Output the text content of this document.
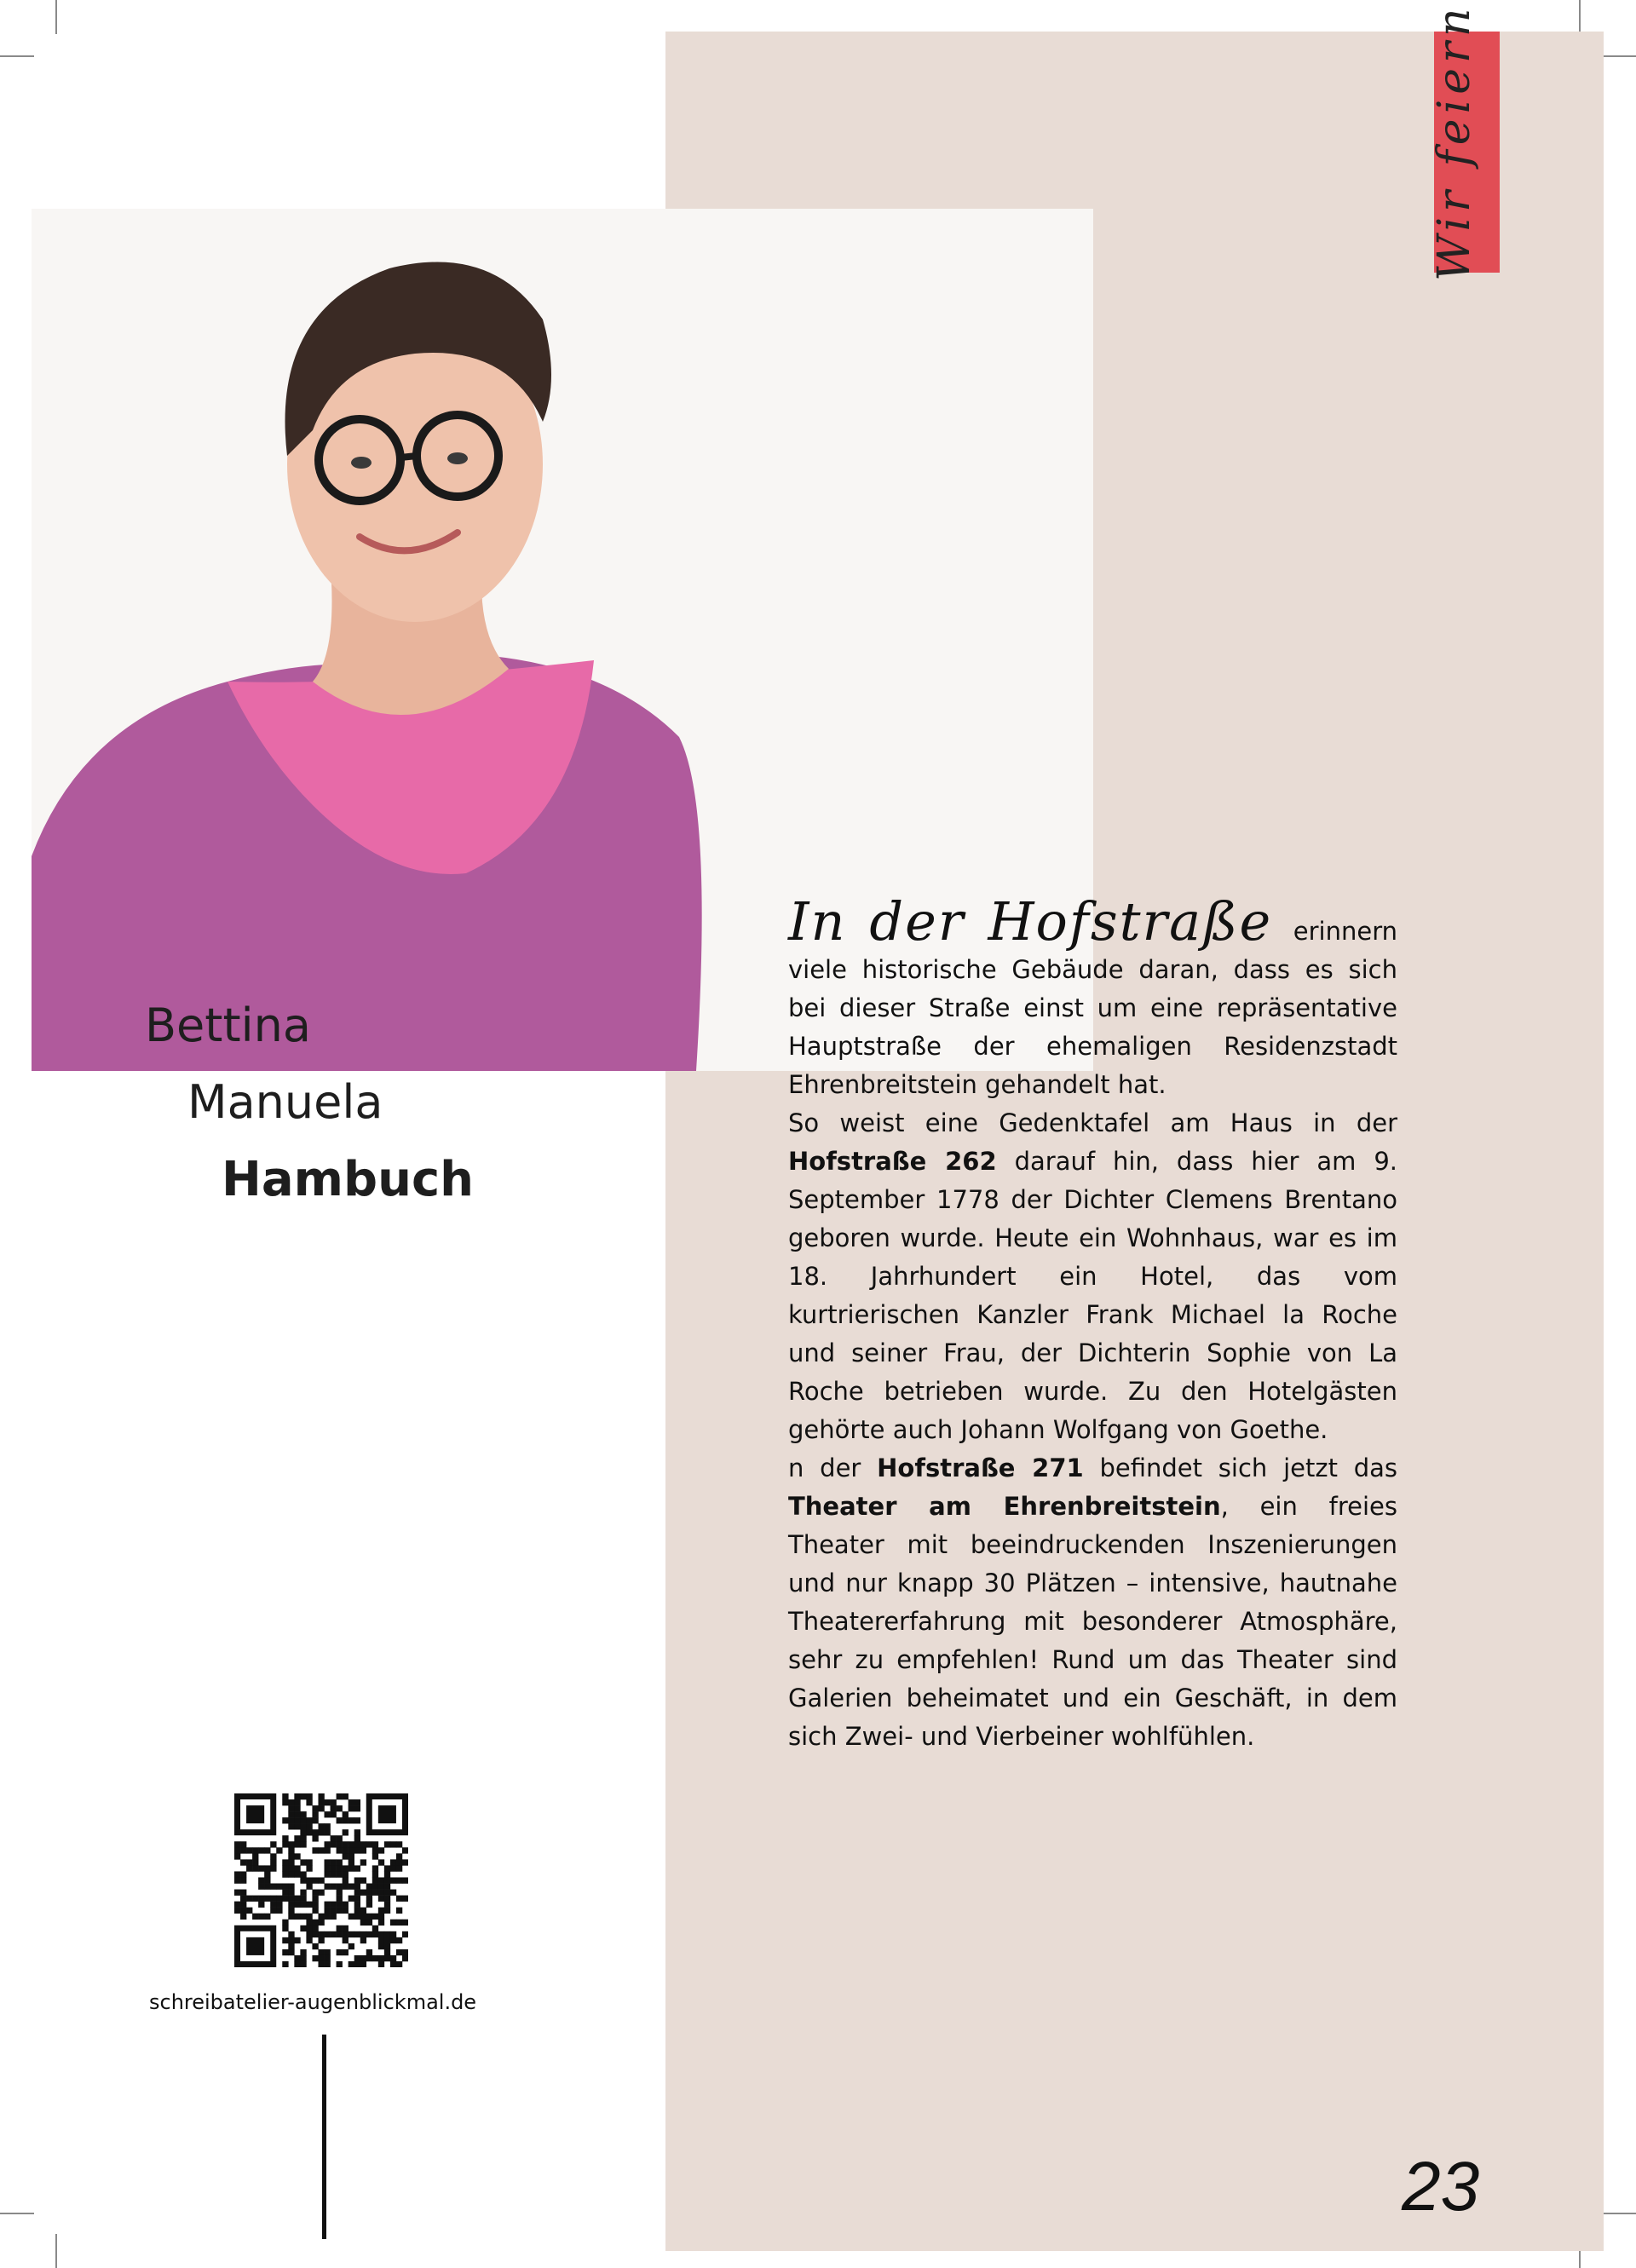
Wir feiern
Bettina
Manuela
Hambuch

In der Hofstraße erinnern viele historische Gebäude daran, dass es sich bei dieser Straße einst um eine repräsentative Hauptstraße der ehemaligen Residenzstadt Ehrenbreitstein gehandelt hat.

So weist eine Gedenktafel am Haus in der Hofstraße 262 darauf hin, dass hier am 9. September 1778 der Dichter Clemens Brentano geboren wurde. Heute ein Wohnhaus, war es im 18. Jahrhundert ein Hotel, das vom kurtrierischen Kanzler Frank Michael la Roche und seiner Frau, der Dichterin Sophie von La Roche betrieben wurde. Zu den Hotelgästen gehörte auch Johann Wolfgang von Goethe.

n der Hofstraße 271 befindet sich jetzt das Theater am Ehrenbreitstein, ein freies Theater mit beeindruckenden Inszenierungen und nur knapp 30 Plätzen – intensive, hautnahe Theatererfahrung mit besonderer Atmosphäre, sehr zu empfehlen! Rund um das Theater sind Galerien beheimatet und ein Geschäft, in dem sich Zwei- und Vierbeiner wohlfühlen.

schreibatelier-augenblickmal.de
23
